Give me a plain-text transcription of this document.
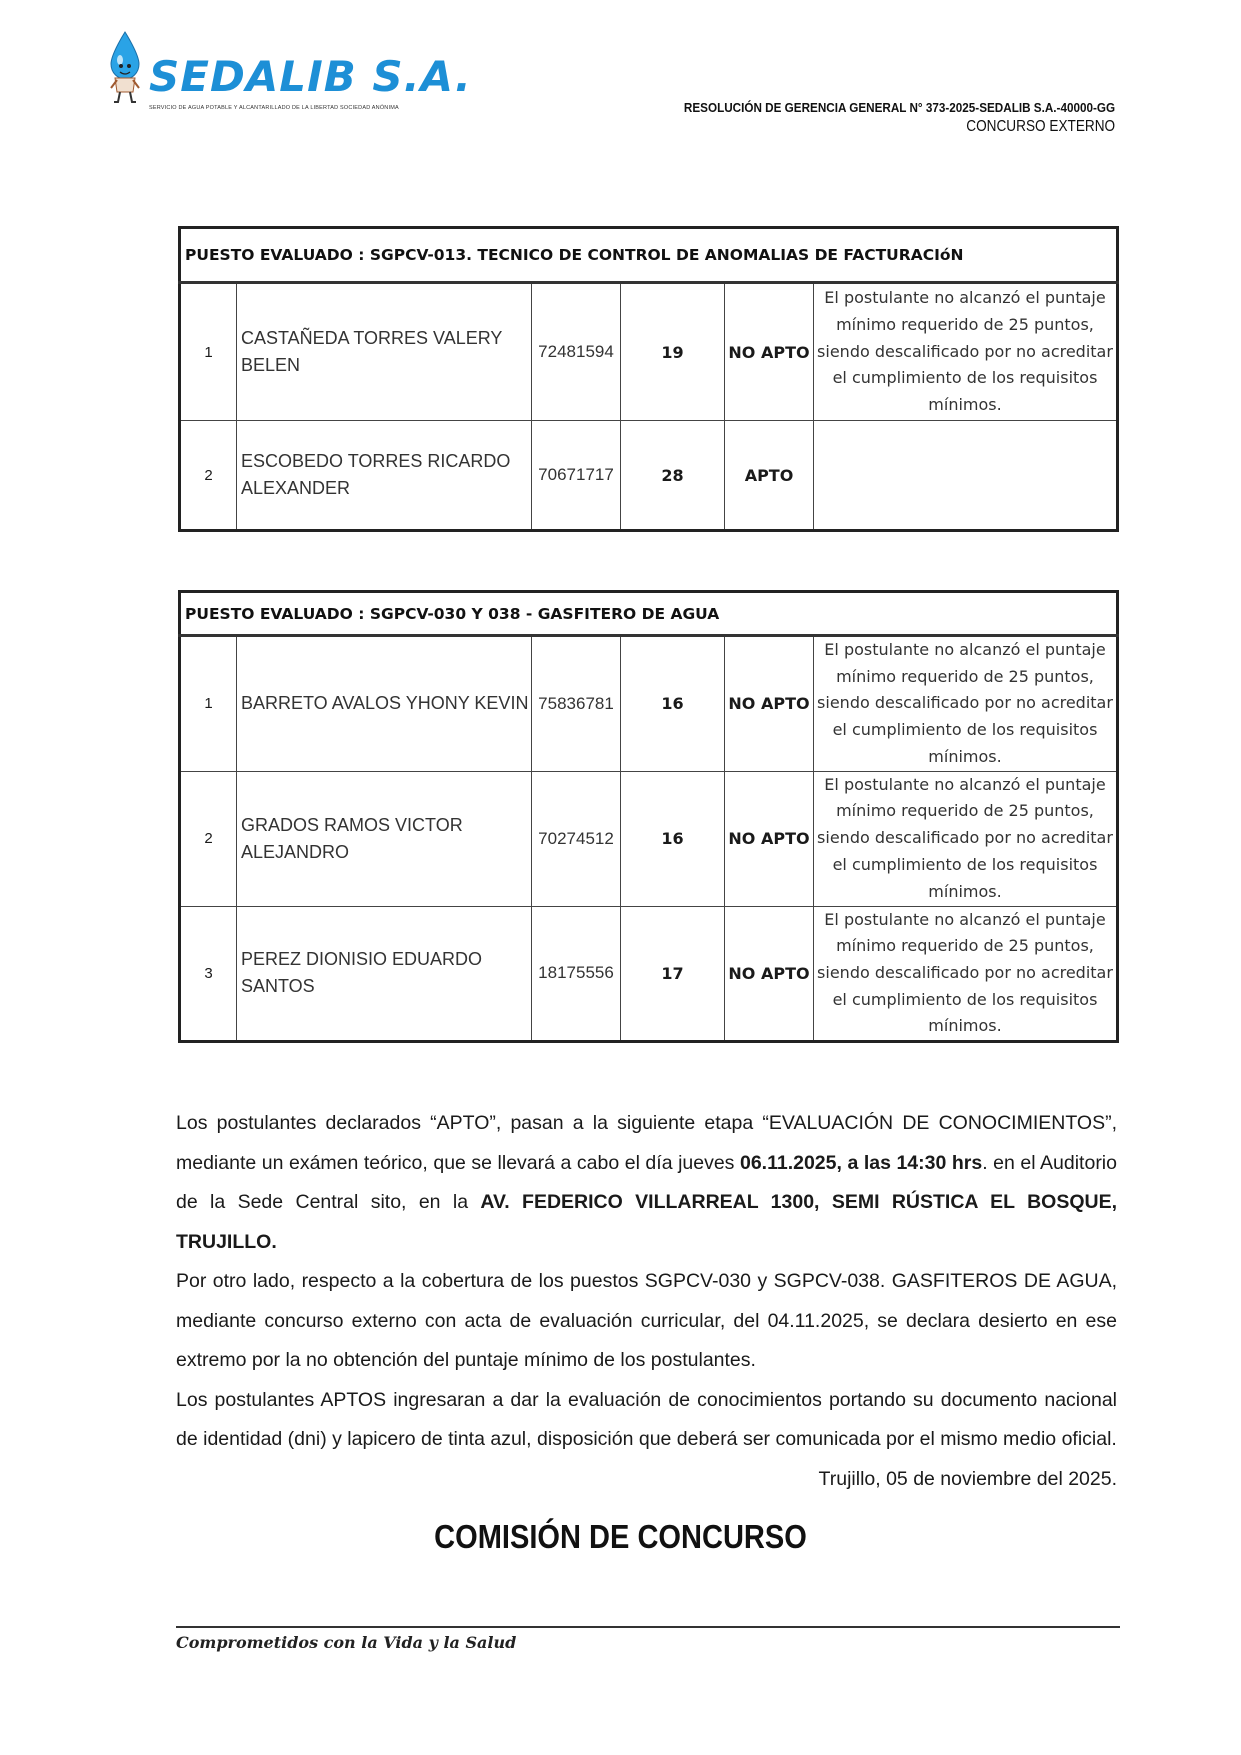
SEDALIB S.A.
SERVICIO DE AGUA POTABLE Y ALCANTARILLADO DE LA LIBERTAD SOCIEDAD ANÓNIMA	RESOLUCIÓN DE GERENCIA GENERAL N° 373-2025-SEDALIB S.A.-40000-GG
CONCURSO EXTERNO
PUESTO EVALUADO : SGPCV-013. TECNICO DE CONTROL DE ANOMALIAS DE FACTURACIóN					
1	CASTAÑEDA TORRES VALERY BELEN	72481594	19	NO APTO	El postulante no alcanzó el puntaje mínimo requerido de 25 puntos, siendo descalificado por no acreditar el cumplimiento de los requisitos mínimos.
2	ESCOBEDO TORRES RICARDO ALEXANDER	70671717	28	APTO	
PUESTO EVALUADO : SGPCV-030 Y 038 - GASFITERO DE AGUA					
1	BARRETO AVALOS YHONY KEVIN	75836781	16	NO APTO	El postulante no alcanzó el puntaje mínimo requerido de 25 puntos, siendo descalificado por no acreditar el cumplimiento de los requisitos mínimos.
2	GRADOS RAMOS VICTOR ALEJANDRO	70274512	16	NO APTO	El postulante no alcanzó el puntaje mínimo requerido de 25 puntos, siendo descalificado por no acreditar el cumplimiento de los requisitos mínimos.
3	PEREZ DIONISIO EDUARDO SANTOS	18175556	17	NO APTO	El postulante no alcanzó el puntaje mínimo requerido de 25 puntos, siendo descalificado por no acreditar el cumplimiento de los requisitos mínimos.

Los postulantes declarados “APTO”, pasan a la siguiente etapa “EVALUACIÓN DE CONOCIMIENTOS”, mediante un exámen teórico, que se llevará a cabo el día jueves 06.11.2025, a las 14:30 hrs. en el Auditorio de la Sede Central sito, en la AV. FEDERICO VILLARREAL 1300, SEMI RÚSTICA EL BOSQUE, TRUJILLO.

Por otro lado, respecto a la cobertura de los puestos SGPCV-030 y SGPCV-038. GASFITEROS DE AGUA, mediante concurso externo con acta de evaluación curricular, del 04.11.2025, se declara desierto en ese extremo por la no obtención del puntaje mínimo de los postulantes.

Los postulantes APTOS ingresaran a dar la evaluación de conocimientos portando su documento nacional de identidad (dni) y lapicero de tinta azul, disposición que deberá ser comunicada por el mismo medio oficial.

Trujillo, 05 de noviembre del 2025.

COMISIÓN DE CONCURSO
Comprometidos con la Vida y la Salud
